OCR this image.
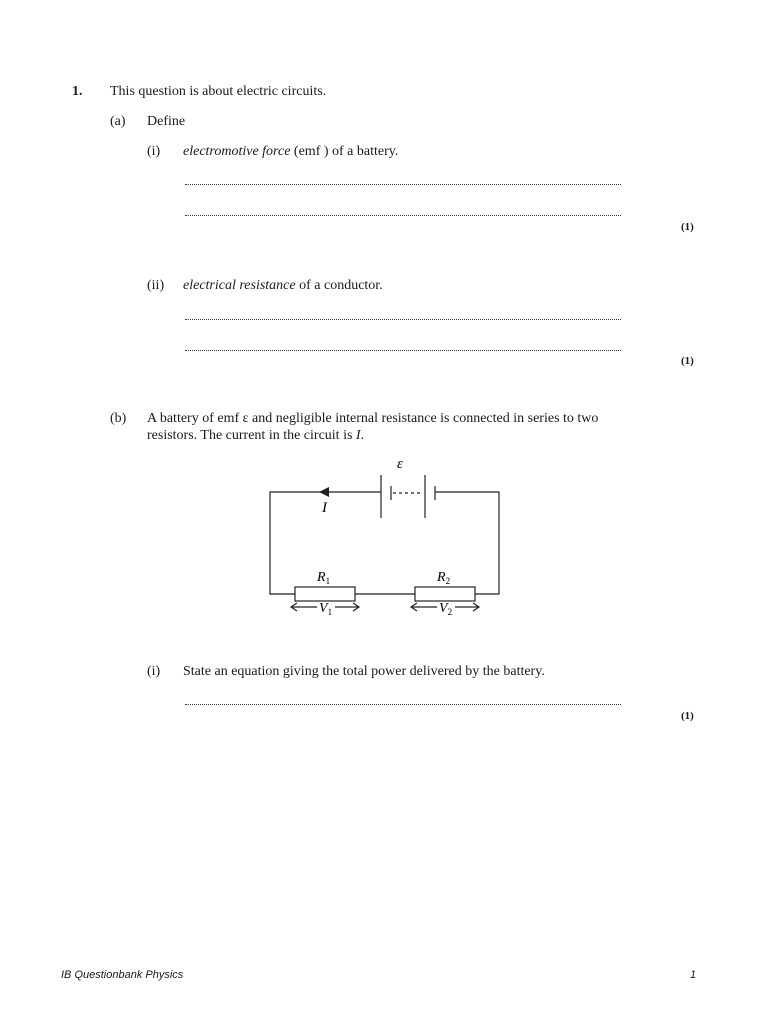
1. This question is about electric circuits.
(a) Define
(i) electromotive force (emf ) of a battery.
(1)
(ii) electrical resistance of a conductor.
(1)
(b) A battery of emf ε and negligible internal resistance is connected in series to two
resistors. The current in the circuit is I.
ε
I
$R_1$	$R_2$
$V_1$	$V_2$
(i) State an equation giving the total power delivered by the battery.
(1)
IB Questionbank Physics	1
